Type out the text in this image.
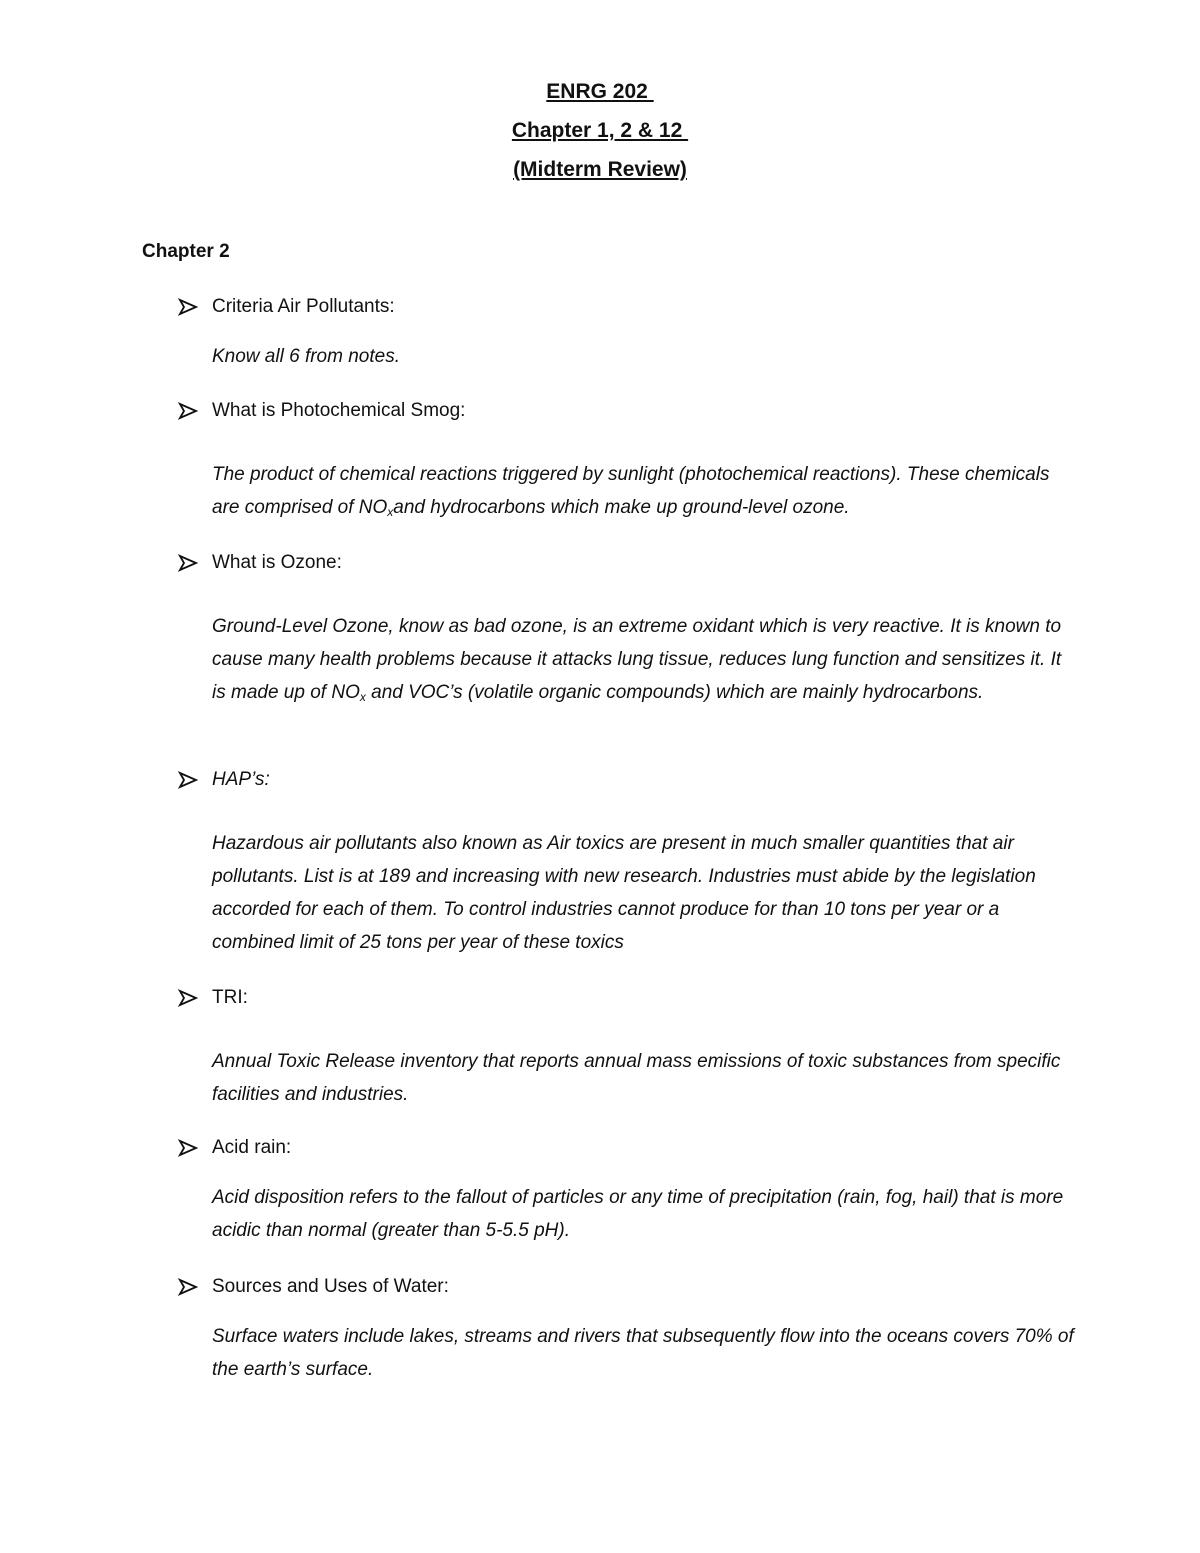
ENRG 202

Chapter 1, 2 & 12

(Midterm Review)

Chapter 2

Criteria Air Pollutants:

Know all 6 from notes.

What is Photochemical Smog:

The product of chemical reactions triggered by sunlight (photochemical reactions). These chemicals are comprised of $NO_xand$ hydrocarbons which make up ground-level ozone.

What is Ozone:

Ground-Level Ozone, know as bad ozone, is an extreme oxidant which is very reactive. It is known to cause many health problems because it attacks lung tissue, reduces lung function and sensitizes it. It is made up of $NO_x$ and VOC’s (volatile organic compounds) which are mainly hydrocarbons.

HAP’s:

Hazardous air pollutants also known as Air toxics are present in much smaller quantities that air pollutants. List is at 189 and increasing with new research. Industries must abide by the legislation accorded for each of them. To control industries cannot produce for than 10 tons per year or a combined limit of 25 tons per year of these toxics

TRI:

Annual Toxic Release inventory that reports annual mass emissions of toxic substances from specific facilities and industries.

Acid rain:

Acid disposition refers to the fallout of particles or any time of precipitation (rain, fog, hail) that is more acidic than normal (greater than 5-5.5 pH).

Sources and Uses of Water:

Surface waters include lakes, streams and rivers that subsequently flow into the oceans covers 70% of the earth’s surface.
